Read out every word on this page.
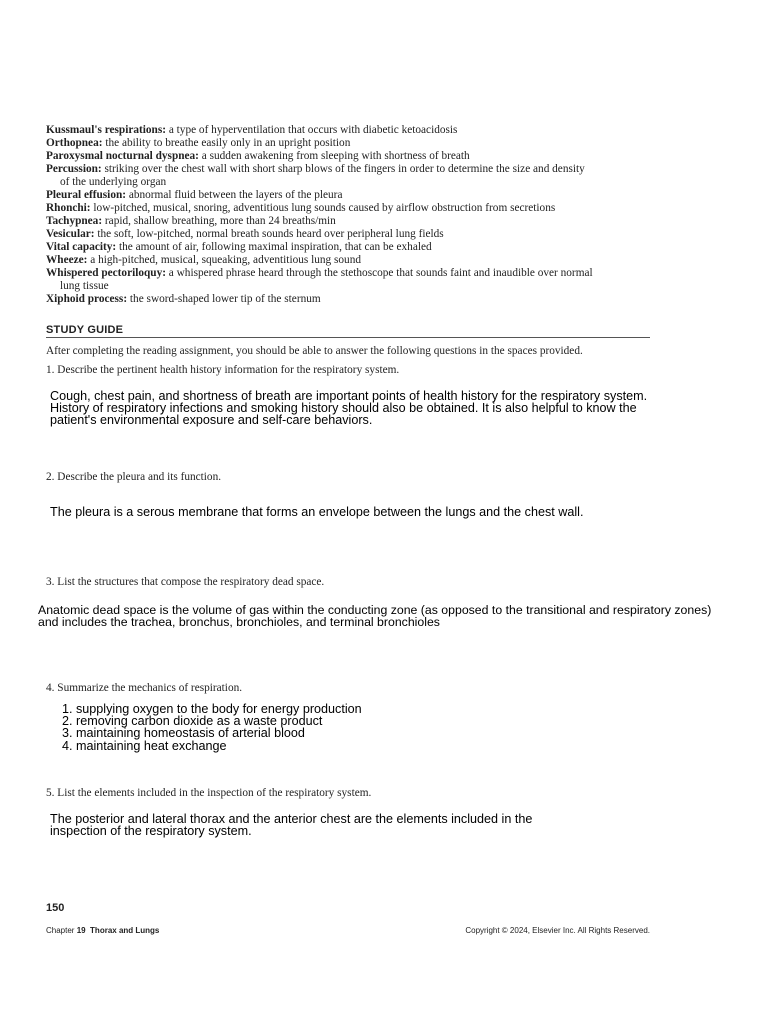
Kussmaul's respirations: a type of hyperventilation that occurs with diabetic ketoacidosis

Orthopnea: the ability to breathe easily only in an upright position

Paroxysmal nocturnal dyspnea: a sudden awakening from sleeping with shortness of breath

Percussion: striking over the chest wall with short sharp blows of the fingers in order to determine the size and density
of the underlying organ

Pleural effusion: abnormal fluid between the layers of the pleura

Rhonchi: low-pitched, musical, snoring, adventitious lung sounds caused by airflow obstruction from secretions

Tachypnea: rapid, shallow breathing, more than 24 breaths/min

Vesicular: the soft, low-pitched, normal breath sounds heard over peripheral lung fields

Vital capacity: the amount of air, following maximal inspiration, that can be exhaled

Wheeze: a high-pitched, musical, squeaking, adventitious lung sound

Whispered pectoriloquy: a whispered phrase heard through the stethoscope that sounds faint and inaudible over normal
lung tissue

Xiphoid process: the sword-shaped lower tip of the sternum

STUDY GUIDE
After completing the reading assignment, you should be able to answer the following questions in the spaces provided.
1. Describe the pertinent health history information for the respiratory system.
Cough, chest pain, and shortness of breath are important points of health history for the respiratory system.
History of respiratory infections and smoking history should also be obtained. It is also helpful to know the
patient's environmental exposure and self-care behaviors.
2. Describe the pleura and its function.
The pleura is a serous membrane that forms an envelope between the lungs and the chest wall.
3. List the structures that compose the respiratory dead space.
Anatomic dead space is the volume of gas within the conducting zone (as opposed to the transitional and respiratory zones)
and includes the trachea, bronchus, bronchioles, and terminal bronchioles
4. Summarize the mechanics of respiration.
1. supplying oxygen to the body for energy production
2. removing carbon dioxide as a waste product
3. maintaining homeostasis of arterial blood
4. maintaining heat exchange
5. List the elements included in the inspection of the respiratory system.
The posterior and lateral thorax and the anterior chest are the elements included in the
inspection of the respiratory system.
150
Chapter 19 Thorax and Lungs	Copyright © 2024, Elsevier Inc. All Rights Reserved.
